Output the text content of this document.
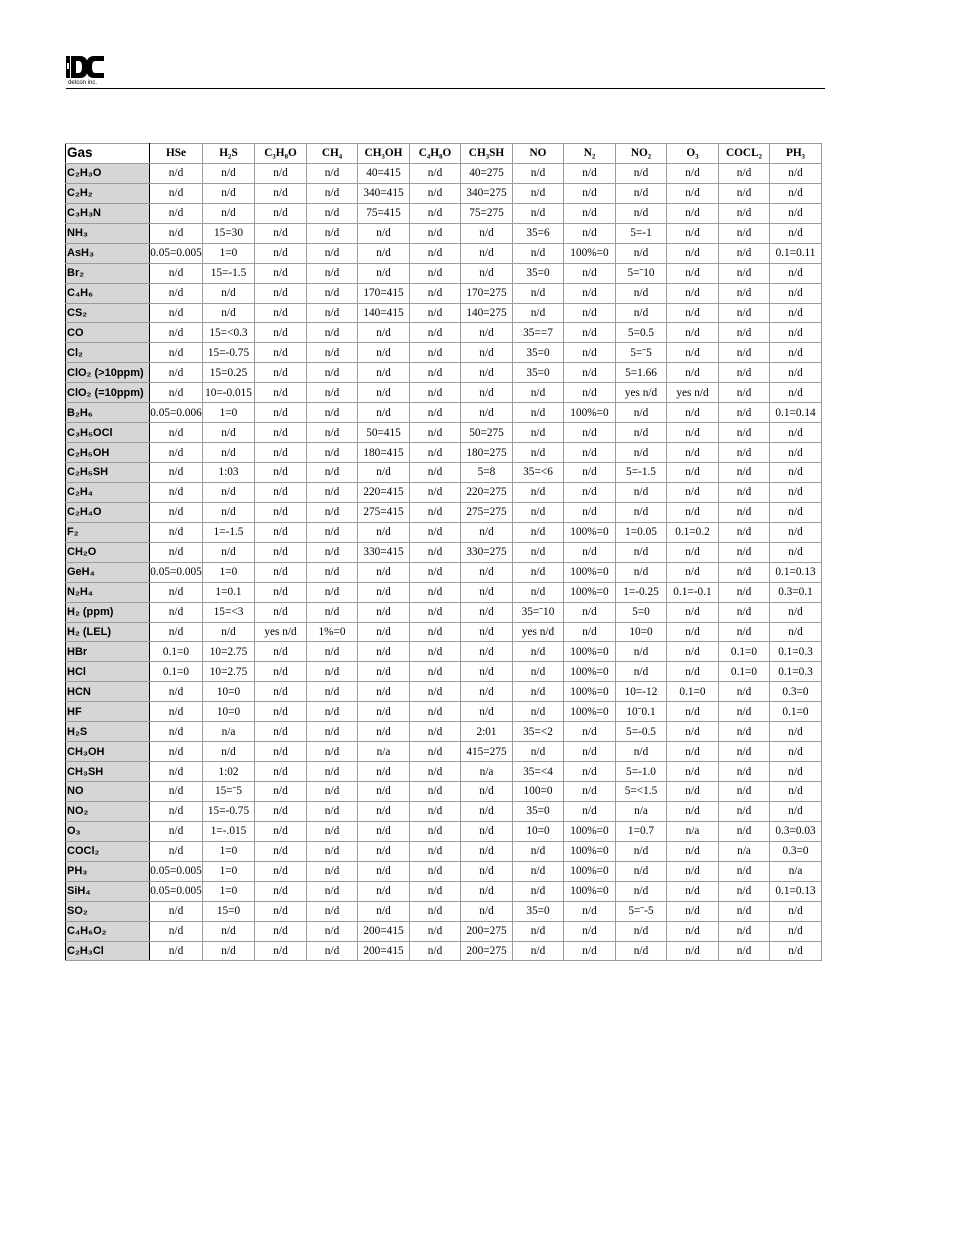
detcon inc.
Gas	HSe	H₂S	C₃H₈O	CH₄	CH₃OH	C₄H₈O	CH₃SH	NO	N₂	NO₂	O₃	COCL₂	PH₃
C₂H₃O	n/d	n/d	n/d	n/d	40=415	n/d	40=275	n/d	n/d	n/d	n/d	n/d	n/d
C₂H₂	n/d	n/d	n/d	n/d	340=415	n/d	340=275	n/d	n/d	n/d	n/d	n/d	n/d
C₃H₃N	n/d	n/d	n/d	n/d	75=415	n/d	75=275	n/d	n/d	n/d	n/d	n/d	n/d
NH₃	n/d	15=30	n/d	n/d	n/d	n/d	n/d	35=6	n/d	5=-1	n/d	n/d	n/d
AsH₃	0.05=0.005	1=0	n/d	n/d	n/d	n/d	n/d	n/d	100%=0	n/d	n/d	n/d	0.1=0.11
Br₂	n/d	15=-1.5	n/d	n/d	n/d	n/d	n/d	35=0	n/d	5=ˉ10	n/d	n/d	n/d
C₄H₆	n/d	n/d	n/d	n/d	170=415	n/d	170=275	n/d	n/d	n/d	n/d	n/d	n/d
CS₂	n/d	n/d	n/d	n/d	140=415	n/d	140=275	n/d	n/d	n/d	n/d	n/d	n/d
CO	n/d	15=<0.3	n/d	n/d	n/d	n/d	n/d	35==7	n/d	5=0.5	n/d	n/d	n/d
Cl₂	n/d	15=-0.75	n/d	n/d	n/d	n/d	n/d	35=0	n/d	5=ˉ5	n/d	n/d	n/d
ClO₂ (>10ppm)	n/d	15=0.25	n/d	n/d	n/d	n/d	n/d	35=0	n/d	5=1.66	n/d	n/d	n/d
ClO₂ (=10ppm)	n/d	10=-0.015	n/d	n/d	n/d	n/d	n/d	n/d	n/d	yes n/d	yes n/d	n/d	n/d
B₂H₆	0.05=0.006	1=0	n/d	n/d	n/d	n/d	n/d	n/d	100%=0	n/d	n/d	n/d	0.1=0.14
C₃H₅OCl	n/d	n/d	n/d	n/d	50=415	n/d	50=275	n/d	n/d	n/d	n/d	n/d	n/d
C₂H₅OH	n/d	n/d	n/d	n/d	180=415	n/d	180=275	n/d	n/d	n/d	n/d	n/d	n/d
C₂H₅SH	n/d	1:03	n/d	n/d	n/d	n/d	5=8	35=<6	n/d	5=-1.5	n/d	n/d	n/d
C₂H₄	n/d	n/d	n/d	n/d	220=415	n/d	220=275	n/d	n/d	n/d	n/d	n/d	n/d
C₂H₄O	n/d	n/d	n/d	n/d	275=415	n/d	275=275	n/d	n/d	n/d	n/d	n/d	n/d
F₂	n/d	1=-1.5	n/d	n/d	n/d	n/d	n/d	n/d	100%=0	1=0.05	0.1=0.2	n/d	n/d
CH₂O	n/d	n/d	n/d	n/d	330=415	n/d	330=275	n/d	n/d	n/d	n/d	n/d	n/d
GeH₄	0.05=0.005	1=0	n/d	n/d	n/d	n/d	n/d	n/d	100%=0	n/d	n/d	n/d	0.1=0.13
N₂H₄	n/d	1=0.1	n/d	n/d	n/d	n/d	n/d	n/d	100%=0	1=-0.25	0.1=-0.1	n/d	0.3=0.1
H₂ (ppm)	n/d	15=<3	n/d	n/d	n/d	n/d	n/d	35=ˉ10	n/d	5=0	n/d	n/d	n/d
H₂ (LEL)	n/d	n/d	yes n/d	1%=0	n/d	n/d	n/d	yes n/d	n/d	10=0	n/d	n/d	n/d
HBr	0.1=0	10=2.75	n/d	n/d	n/d	n/d	n/d	n/d	100%=0	n/d	n/d	0.1=0	0.1=0.3
HCl	0.1=0	10=2.75	n/d	n/d	n/d	n/d	n/d	n/d	100%=0	n/d	n/d	0.1=0	0.1=0.3
HCN	n/d	10=0	n/d	n/d	n/d	n/d	n/d	n/d	100%=0	10=-12	0.1=0	n/d	0.3=0
HF	n/d	10=0	n/d	n/d	n/d	n/d	n/d	n/d	100%=0	10ˉ0.1	n/d	n/d	0.1=0
H₂S	n/d	n/a	n/d	n/d	n/d	n/d	2:01	35=<2	n/d	5=-0.5	n/d	n/d	n/d
CH₃OH	n/d	n/d	n/d	n/d	n/a	n/d	415=275	n/d	n/d	n/d	n/d	n/d	n/d
CH₃SH	n/d	1:02	n/d	n/d	n/d	n/d	n/a	35=<4	n/d	5=-1.0	n/d	n/d	n/d
NO	n/d	15=ˉ5	n/d	n/d	n/d	n/d	n/d	100=0	n/d	5=<1.5	n/d	n/d	n/d
NO₂	n/d	15=-0.75	n/d	n/d	n/d	n/d	n/d	35=0	n/d	n/a	n/d	n/d	n/d
O₃	n/d	1=-.015	n/d	n/d	n/d	n/d	n/d	10=0	100%=0	1=0.7	n/a	n/d	0.3=0.03
COCl₂	n/d	1=0	n/d	n/d	n/d	n/d	n/d	n/d	100%=0	n/d	n/d	n/a	0.3=0
PH₃	0.05=0.005	1=0	n/d	n/d	n/d	n/d	n/d	n/d	100%=0	n/d	n/d	n/d	n/a
SiH₄	0.05=0.005	1=0	n/d	n/d	n/d	n/d	n/d	n/d	100%=0	n/d	n/d	n/d	0.1=0.13
SO₂	n/d	15=0	n/d	n/d	n/d	n/d	n/d	35=0	n/d	5=ˉ-5	n/d	n/d	n/d
C₄H₆O₂	n/d	n/d	n/d	n/d	200=415	n/d	200=275	n/d	n/d	n/d	n/d	n/d	n/d
C₂H₃Cl	n/d	n/d	n/d	n/d	200=415	n/d	200=275	n/d	n/d	n/d	n/d	n/d	n/d
